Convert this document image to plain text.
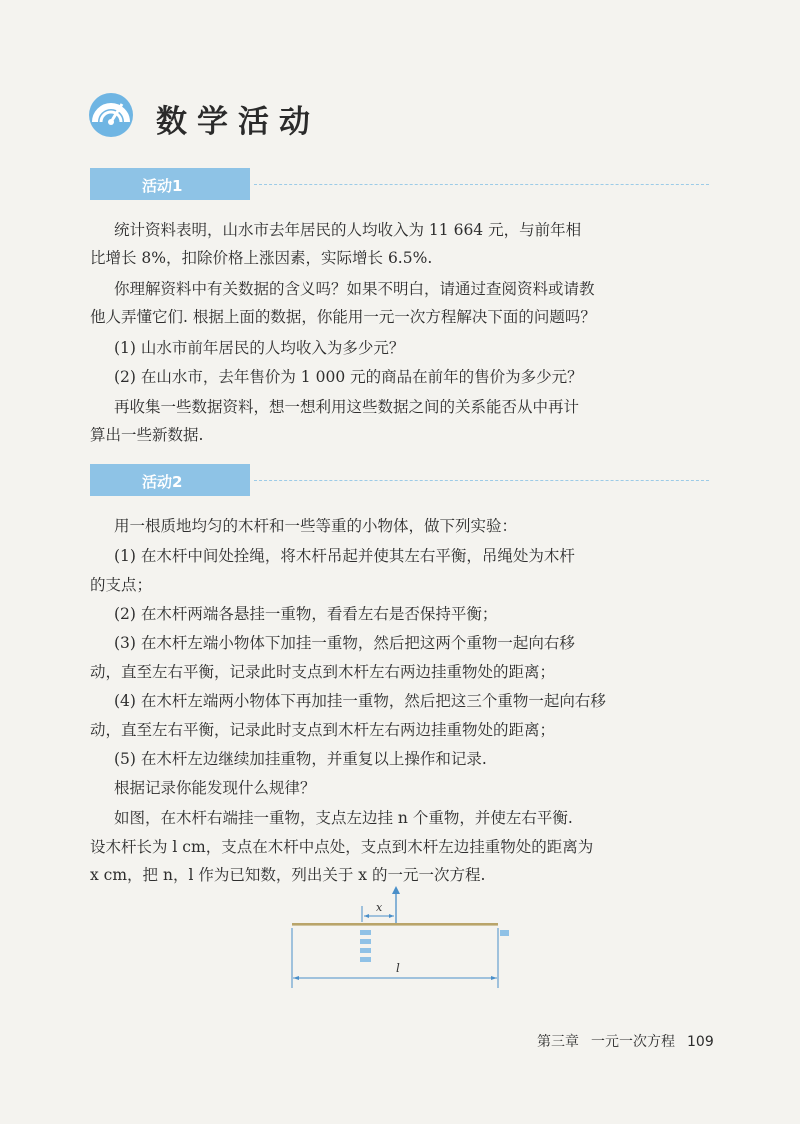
数学活动
活动1
统计资料表明，山水市去年居民的人均收入为 11 664 元，与前年相
比增长 8%，扣除价格上涨因素，实际增长 6.5%.
你理解资料中有关数据的含义吗？如果不明白，请通过查阅资料或请教
他人弄懂它们. 根据上面的数据，你能用一元一次方程解决下面的问题吗？
(1) 山水市前年居民的人均收入为多少元？
(2) 在山水市，去年售价为 1 000 元的商品在前年的售价为多少元？
再收集一些数据资料，想一想利用这些数据之间的关系能否从中再计
算出一些新数据.
活动2
用一根质地均匀的木杆和一些等重的小物体，做下列实验：
(1) 在木杆中间处拴绳，将木杆吊起并使其左右平衡，吊绳处为木杆
的支点；
(2) 在木杆两端各悬挂一重物，看看左右是否保持平衡；
(3) 在木杆左端小物体下加挂一重物，然后把这两个重物一起向右移
动，直至左右平衡，记录此时支点到木杆左右两边挂重物处的距离；
(4) 在木杆左端两小物体下再加挂一重物，然后把这三个重物一起向右移
动，直至左右平衡，记录此时支点到木杆左右两边挂重物处的距离；
(5) 在木杆左边继续加挂重物，并重复以上操作和记录.
根据记录你能发现什么规律？
如图，在木杆右端挂一重物，支点左边挂 n 个重物，并使左右平衡.
设木杆长为 l cm，支点在木杆中点处，支点到木杆左边挂重物处的距离为
x cm，把 n，l 作为已知数，列出关于 x 的一元一次方程.
x
l
第三章 一元一次方程 109
